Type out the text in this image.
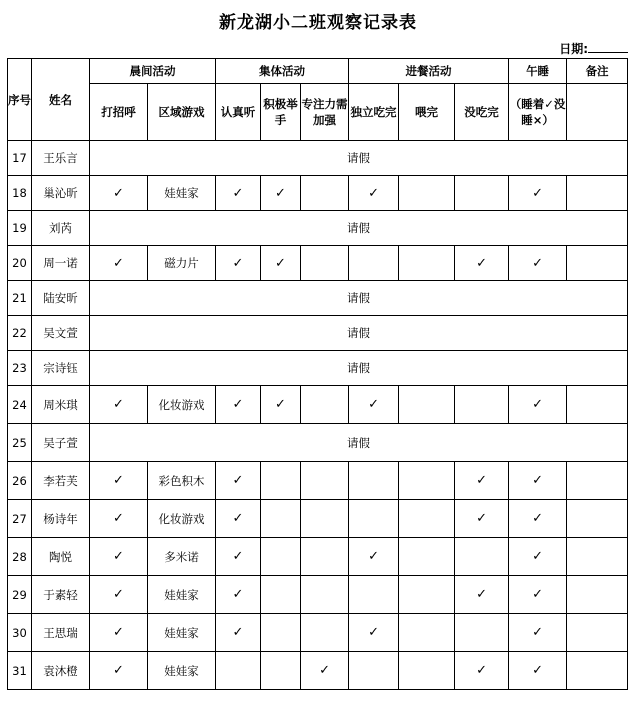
新龙湖小二班观察记录表
日期:
序号	姓名	晨间活动		集体活动			进餐活动			午睡	备注
		打招呼	区域游戏	认真听	积极举手	专注力需加强	独立吃完	喂完	没吃完	（睡着✓没睡×）	
17	王乐言	请假									
18	巢沁昕	✓	娃娃家	✓	✓		✓			✓	
19	刘芮	请假									
20	周一诺	✓	磁力片	✓	✓				✓	✓	
21	陆安昕	请假									
22	吴文萱	请假									
23	宗诗钰	请假									
24	周米琪	✓	化妆游戏	✓	✓		✓			✓	
25	吴子萱	请假									
26	李若芙	✓	彩色积木	✓					✓	✓	
27	杨诗年	✓	化妆游戏	✓					✓	✓	
28	陶悦	✓	多米诺	✓			✓			✓	
29	于素轻	✓	娃娃家	✓					✓	✓	
30	王思瑞	✓	娃娃家	✓			✓			✓	
31	袁沐橙	✓	娃娃家			✓			✓	✓	
